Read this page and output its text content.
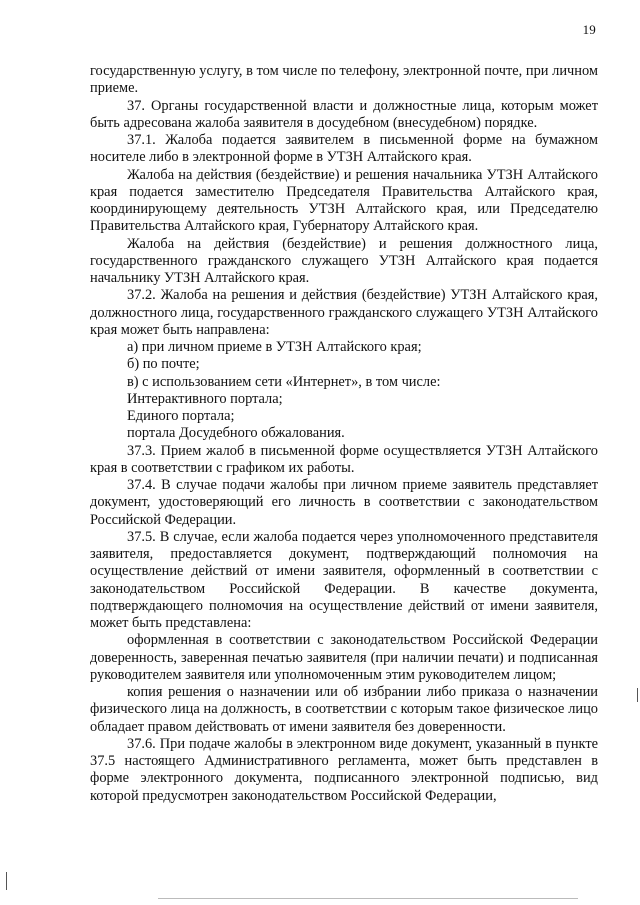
19

государственную услугу, в том числе по телефону, электронной почте, при личном приеме.

37. Органы государственной власти и должностные лица, которым может быть адресована жалоба заявителя в досудебном (внесудебном) порядке.

37.1. Жалоба подается заявителем в письменной форме на бумажном носителе либо в электронной форме в УТЗН Алтайского края.

Жалоба на действия (бездействие) и решения начальника УТЗН Алтайского края подается заместителю Председателя Правительства Алтайского края, координирующему деятельность УТЗН Алтайского края, или Председателю Правительства Алтайского края, Губернатору Алтайского края.

Жалоба на действия (бездействие) и решения должностного лица, государственного гражданского служащего УТЗН Алтайского края подается начальнику УТЗН Алтайского края.

37.2. Жалоба на решения и действия (бездействие) УТЗН Алтайского края, должностного лица, государственного гражданского служащего УТЗН Алтайского края может быть направлена:

а) при личном приеме в УТЗН Алтайского края;

б) по почте;

в) с использованием сети «Интернет», в том числе:

Интерактивного портала;

Единого портала;

портала Досудебного обжалования.

37.3. Прием жалоб в письменной форме осуществляется УТЗН Алтайского края в соответствии с графиком их работы.

37.4. В случае подачи жалобы при личном приеме заявитель представляет документ, удостоверяющий его личность в соответствии с законодательством Российской Федерации.

37.5. В случае, если жалоба подается через уполномоченного представителя заявителя, предоставляется документ, подтверждающий полномочия на осуществление действий от имени заявителя, оформленный в соответствии с законодательством Российской Федерации. В качестве документа, подтверждающего полномочия на осуществление действий от имени заявителя, может быть представлена:

оформленная в соответствии с законодательством Российской Федерации доверенность, заверенная печатью заявителя (при наличии печати) и подписанная руководителем заявителя или уполномоченным этим руководителем лицом;

копия решения о назначении или об избрании либо приказа о назначении физического лица на должность, в соответствии с которым такое физическое лицо обладает правом действовать от имени заявителя без доверенности.

37.6. При подаче жалобы в электронном виде документ, указанный в пункте 37.5 настоящего Административного регламента, может быть представлен в форме электронного документа, подписанного электронной подписью, вид которой предусмотрен законодательством Российской Федерации,
